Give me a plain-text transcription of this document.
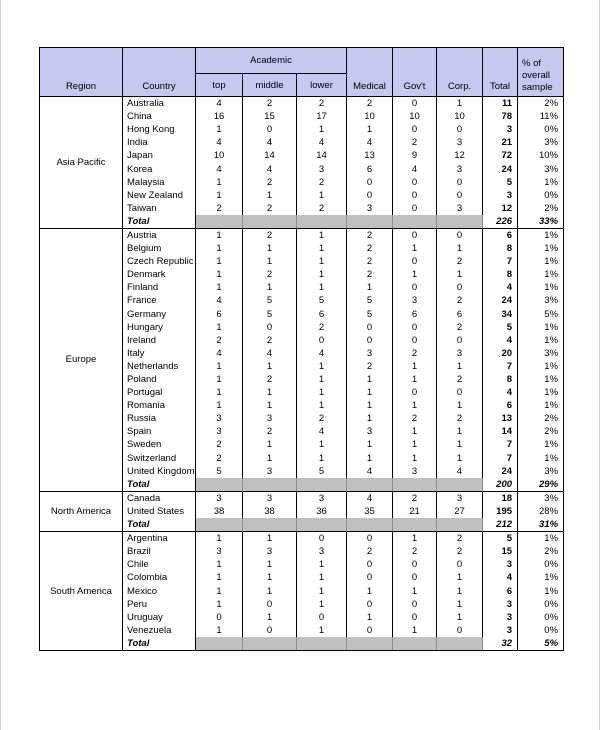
Region	Country	Academic			Medical	Gov't	Corp.	Total	% of overall sample
		top	middle	lower					
Asia Pacific	Australia	4	2	2	2	0	1	11	2%
	China	16	15	17	10	10	10	78	11%
	Hong Kong	1	0	1	1	0	0	3	0%
	India	4	4	4	4	2	3	21	3%
	Japan	10	14	14	13	9	12	72	10%
	Korea	4	4	3	6	4	3	24	3%
	Malaysia	1	2	2	0	0	0	5	1%
	New Zealand	1	1	1	0	0	0	3	0%
	Taiwan	2	2	2	3	0	3	12	2%
	Total							226	33%
Europe	Austria	1	2	1	2	0	0	6	1%
	Belgium	1	1	1	2	1	1	8	1%
	Czech Republic	1	1	1	2	0	2	7	1%
	Denmark	1	2	1	2	1	1	8	1%
	Finland	1	1	1	1	0	0	4	1%
	France	4	5	5	5	3	2	24	3%
	Germany	6	5	6	5	6	6	34	5%
	Hungary	1	0	2	0	0	2	5	1%
	Ireland	2	2	0	0	0	0	4	1%
	Italy	4	4	4	3	2	3	20	3%
	Netherlands	1	1	1	2	1	1	7	1%
	Poland	1	2	1	1	1	2	8	1%
	Portugal	1	1	1	1	0	0	4	1%
	Romania	1	1	1	1	1	1	6	1%
	Russia	3	3	2	1	2	2	13	2%
	Spain	3	2	4	3	1	1	14	2%
	Sweden	2	1	1	1	1	1	7	1%
	Switzerland	2	1	1	1	1	1	7	1%
	United Kingdom	5	3	5	4	3	4	24	3%
	Total							200	29%
North America	Canada	3	3	3	4	2	3	18	3%
	United States	38	38	36	35	21	27	195	28%
	Total							212	31%
South America	Argentina	1	1	0	0	1	2	5	1%
	Brazil	3	3	3	2	2	2	15	2%
	Chile	1	1	1	0	0	0	3	0%
	Colombia	1	1	1	0	0	1	4	1%
	Mexico	1	1	1	1	1	1	6	1%
	Peru	1	0	1	0	0	1	3	0%
	Uruguay	0	1	0	1	0	1	3	0%
	Venezuela	1	0	1	0	1	0	3	0%
	Total							32	5%
